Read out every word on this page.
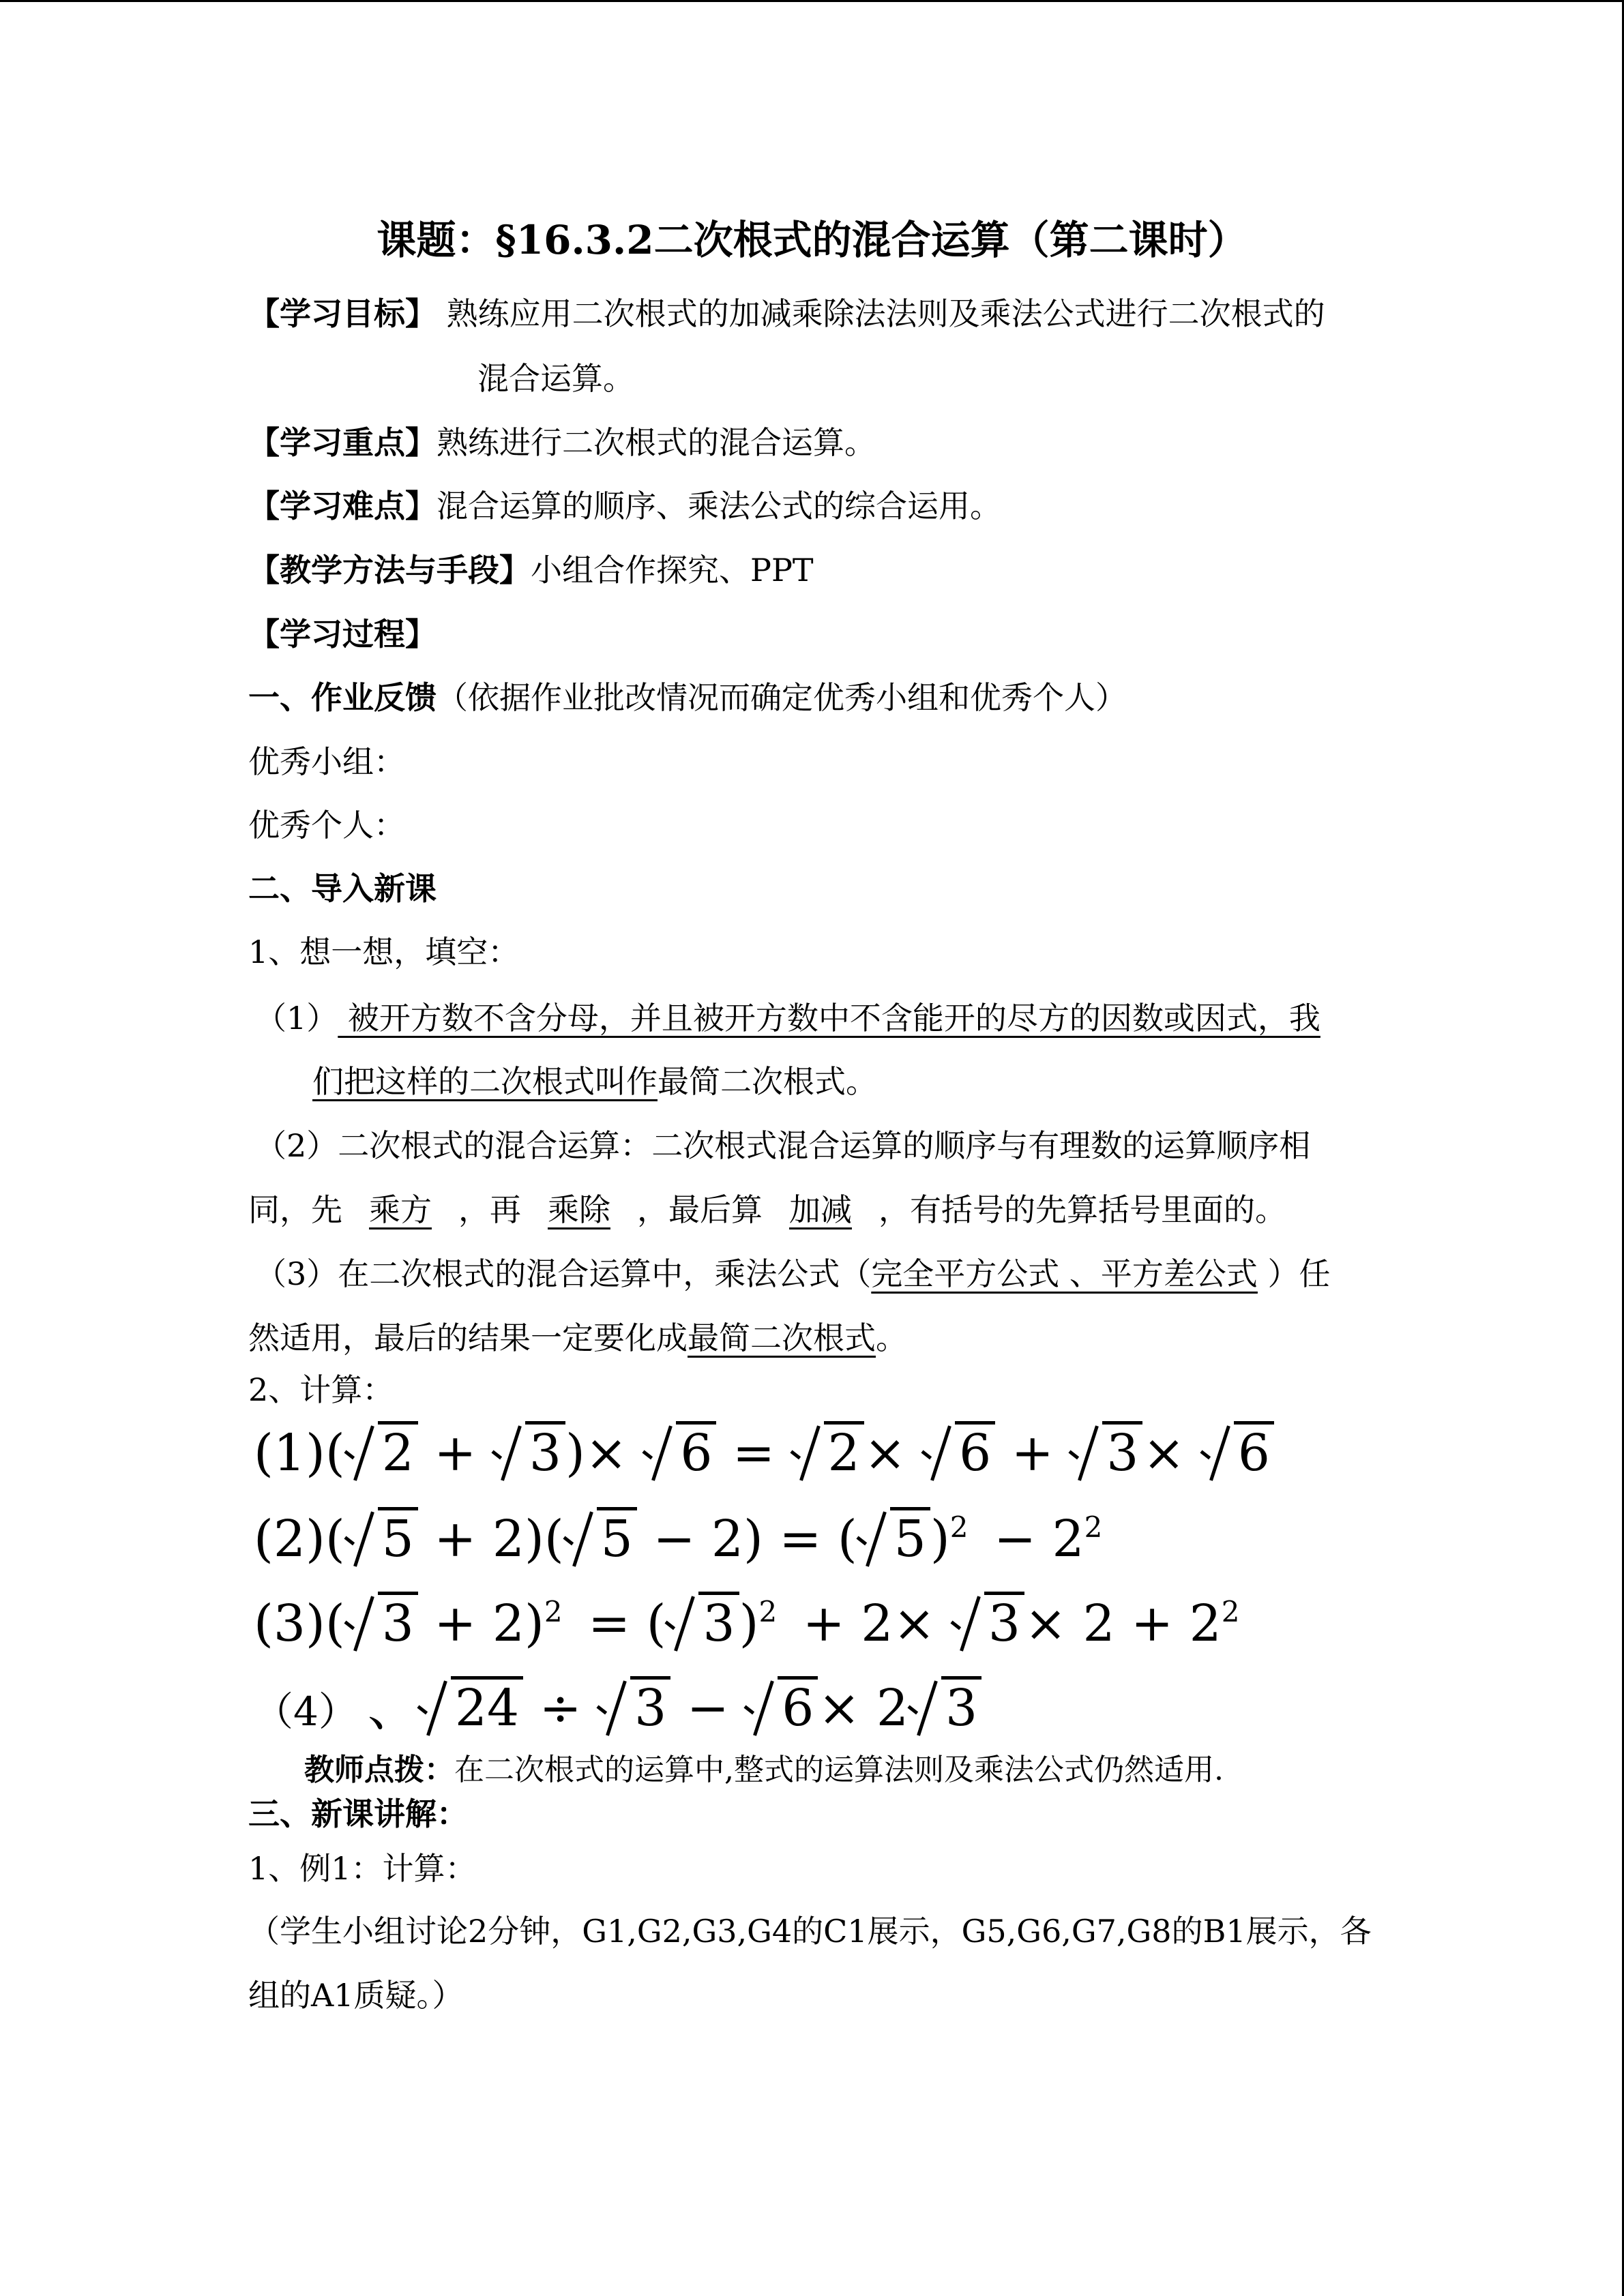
课题：§16.3.2二次根式的混合运算（第二课时）
【学习目标】 熟练应用二次根式的加减乘除法法则及乘法公式进行二次根式的
混合运算。
【学习重点】熟练进行二次根式的混合运算。
【学习难点】混合运算的顺序、乘法公式的综合运用。
【教学方法与手段】小组合作探究、PPT
【学习过程】
一、作业反馈（依据作业批改情况而确定优秀小组和优秀个人）
优秀小组：
优秀个人：
二、导入新课
1、想一想，填空：
（1） 被开方数不含分母，并且被开方数中不含能开的尽方的因数或因式，我
们把这样的二次根式叫作最简二次根式。
（2）二次根式的混合运算：二次根式混合运算的顺序与有理数的运算顺序相
同，先 乘方 ，再 乘除 ，最后算 加减 ，有括号的先算括号里面的。
（3）在二次根式的混合运算中，乘法公式（完全平方公式 、平方差公式 ）任
然适用，最后的结果一定要化成最简二次根式。
2、计算：
(1)( 2 + 3)× 6 = 2× 6 + 3× 6
(2)( 5 + 2)( 5 − 2) = ( $5)^2 - 2^2$
(3)( 3 + 2)$^2$ = ( $3)^2 + 2\times 3\times 2 + 2^2$
（4） 、 24 ÷ 3 − 6× 2 3
教师点拨：在二次根式的运算中,整式的运算法则及乘法公式仍然适用.
三、新课讲解：
1、例1：计算：
（学生小组讨论2分钟，G1,G2,G3,G4的C1展示，G5,G6,G7,G8的B1展示，各
组的A1质疑。）
